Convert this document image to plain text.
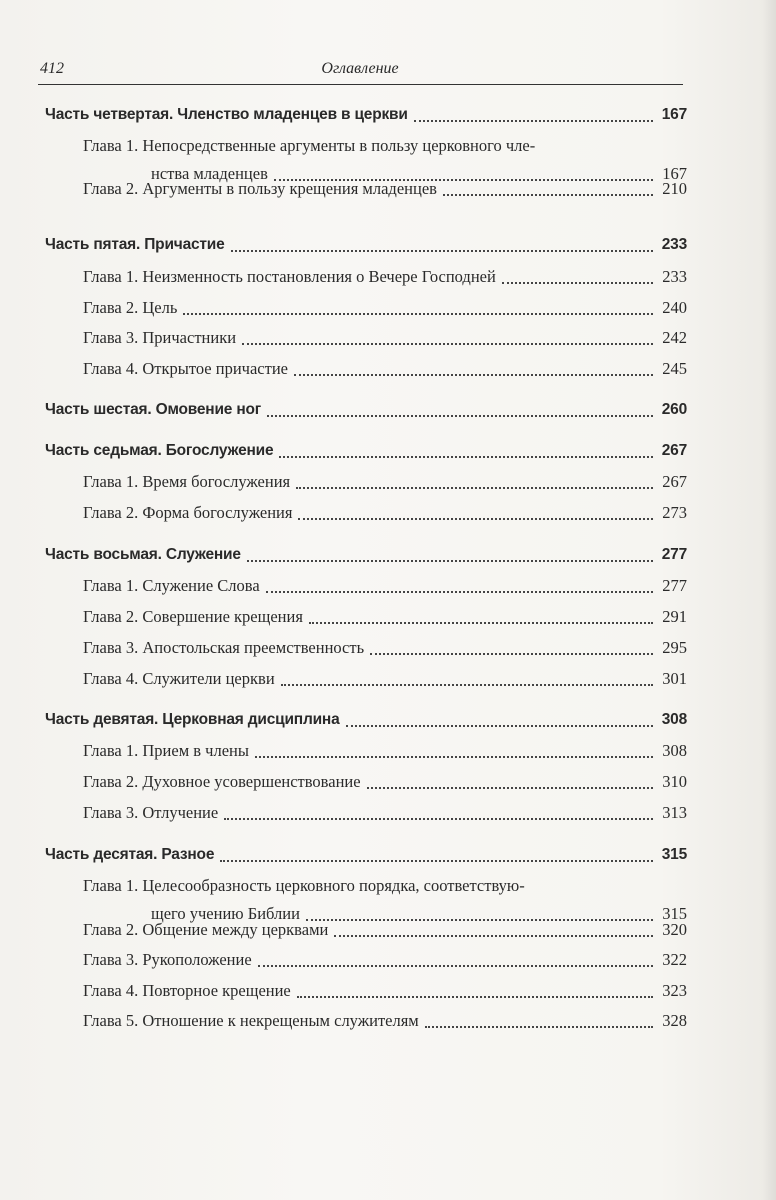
412	Оглавление
Часть четвертая. Членство младенцев в церкви	167
Глава 1. Непосредственные аргументы в пользу церковного чле-
нства младенцев	167
Глава 2. Аргументы в пользу крещения младенцев	210
Часть пятая. Причастие	233
Глава 1. Неизменность постановления о Вечере Господней	233
Глава 2. Цель	240
Глава 3. Причастники	242
Глава 4. Открытое причастие	245
Часть шестая. Омовение ног	260
Часть седьмая. Богослужение	267
Глава 1. Время богослужения	267
Глава 2. Форма богослужения	273
Часть восьмая. Служение	277
Глава 1. Служение Слова	277
Глава 2. Совершение крещения	291
Глава 3. Апостольская преемственность	295
Глава 4. Служители церкви	301
Часть девятая. Церковная дисциплина	308
Глава 1. Прием в члены	308
Глава 2. Духовное усовершенствование	310
Глава 3. Отлучение	313
Часть десятая. Разное	315
Глава 1. Целесообразность церковного порядка, соответствую-
щего учению Библии	315
Глава 2. Общение между церквами	320
Глава 3. Рукоположение	322
Глава 4. Повторное крещение	323
Глава 5. Отношение к некрещеным служителям	328
